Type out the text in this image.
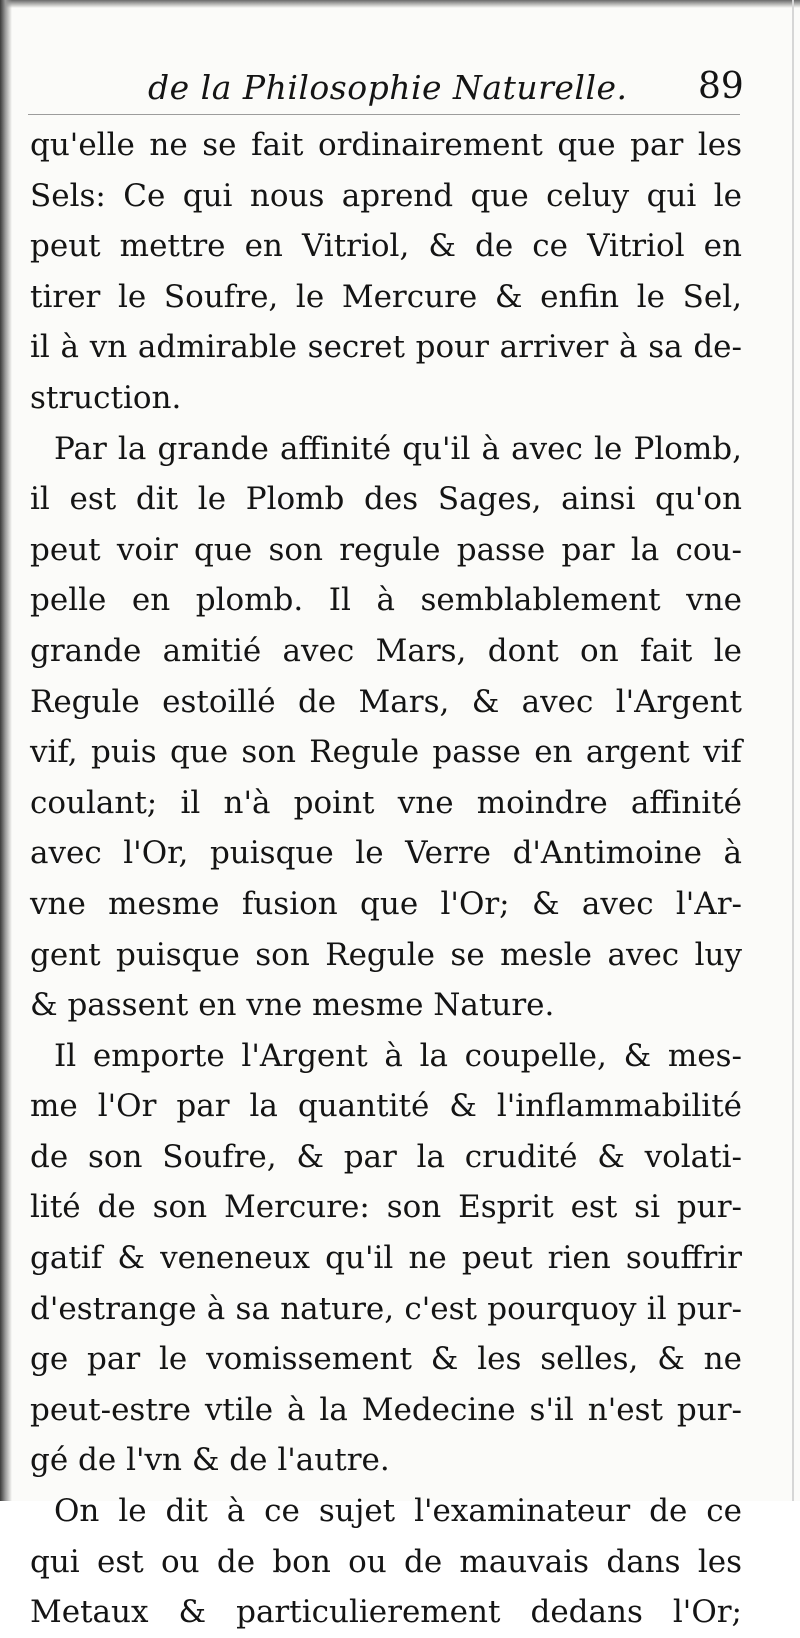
de la Philosophie Naturelle. 89
qu'elle ne se fait ordinairement que par les
Sels: Ce qui nous aprend que celuy qui le
peut mettre en Vitriol, & de ce Vitriol en
tirer le Soufre, le Mercure & enfin le Sel,
il à vn admirable secret pour arriver à sa de-
struction.
Par la grande affinité qu'il à avec le Plomb,
il est dit le Plomb des Sages, ainsi qu'on
peut voir que son regule passe par la cou-
pelle en plomb. Il à semblablement vne
grande amitié avec Mars, dont on fait le
Regule estoillé de Mars, & avec l'Argent
vif, puis que son Regule passe en argent vif
coulant; il n'à point vne moindre affinité
avec l'Or, puisque le Verre d'Antimoine à
vne mesme fusion que l'Or; & avec l'Ar-
gent puisque son Regule se mesle avec luy
& passent en vne mesme Nature.
Il emporte l'Argent à la coupelle, & mes-
me l'Or par la quantité & l'inflammabilité
de son Soufre, & par la crudité & volati-
lité de son Mercure: son Esprit est si pur-
gatif & veneneux qu'il ne peut rien souffrir
d'estrange à sa nature, c'est pourquoy il pur-
ge par le vomissement & les selles, & ne
peut-estre vtile à la Medecine s'il n'est pur-
gé de l'vn & de l'autre.
On le dit à ce sujet l'examinateur de ce
qui est ou de bon ou de mauvais dans les
Metaux & particulierement dedans l'Or;
